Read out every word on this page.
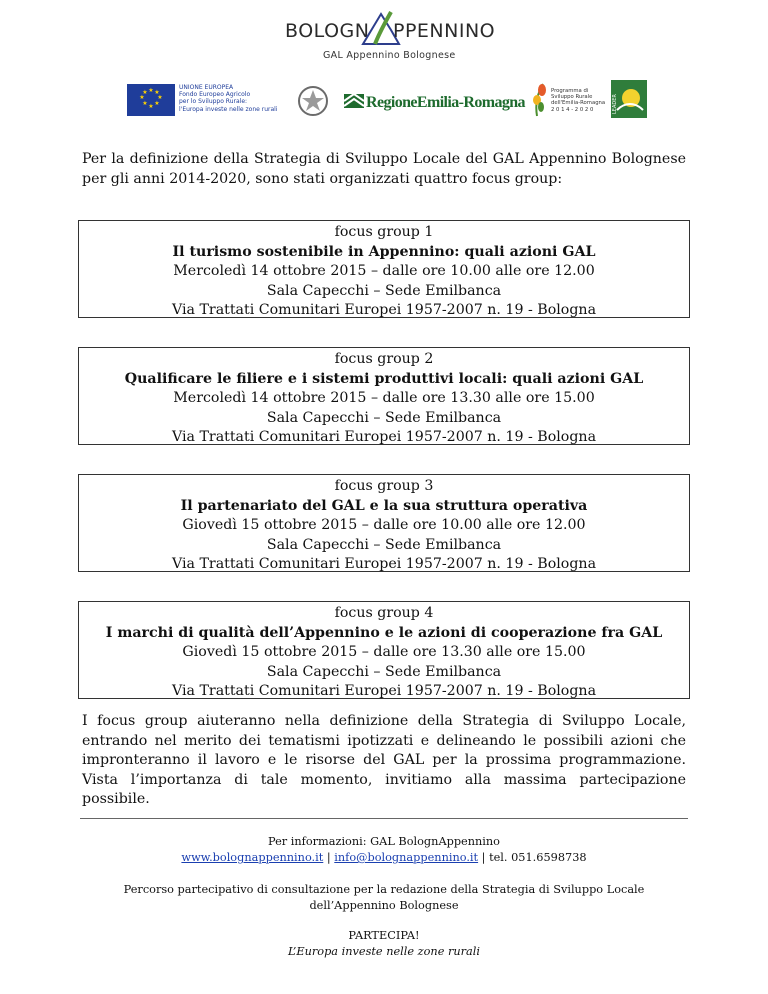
BOLOGN PPENNINO
GAL Appennino Bolognese
★ ★
★
★
★
★
★
★
UNIONE EUROPEA
Fondo Europeo Agricolo
per lo Sviluppo Rurale:
l'Europa investe nelle zone rurali	RegioneEmilia-Romagna
Programma di
Sviluppo Rurale
dell'Emilia-Romagna
2 0 1 4 - 2 0 2 0	LEADER

Per la definizione della Strategia di Sviluppo Locale del GAL Appennino Bolognese per gli anni 2014-2020, sono stati organizzati quattro focus group:

focus group 1
Il turismo sostenibile in Appennino: quali azioni GAL
Mercoledì 14 ottobre 2015 – dalle ore 10.00 alle ore 12.00
Sala Capecchi – Sede Emilbanca
Via Trattati Comunitari Europei 1957-2007 n. 19 - Bologna
focus group 2
Qualificare le filiere e i sistemi produttivi locali: quali azioni GAL
Mercoledì 14 ottobre 2015 – dalle ore 13.30 alle ore 15.00
Sala Capecchi – Sede Emilbanca
Via Trattati Comunitari Europei 1957-2007 n. 19 - Bologna
focus group 3
Il partenariato del GAL e la sua struttura operativa
Giovedì 15 ottobre 2015 – dalle ore 10.00 alle ore 12.00
Sala Capecchi – Sede Emilbanca
Via Trattati Comunitari Europei 1957-2007 n. 19 - Bologna
focus group 4
I marchi di qualità dell’Appennino e le azioni di cooperazione fra GAL
Giovedì 15 ottobre 2015 – dalle ore 13.30 alle ore 15.00
Sala Capecchi – Sede Emilbanca
Via Trattati Comunitari Europei 1957-2007 n. 19 - Bologna

I focus group aiuteranno nella definizione della Strategia di Sviluppo Locale, entrando nel merito dei tematismi ipotizzati e delineando le possibili azioni che impronteranno il lavoro e le risorse del GAL per la prossima programmazione. Vista l’importanza di tale momento, invitiamo alla massima partecipazione possibile.

Per informazioni: GAL BolognAppennino
www.bolognappennino.it | info@bolognappennino.it | tel. 051.6598738
Percorso partecipativo di consultazione per la redazione della Strategia di Sviluppo Locale
dell’Appennino Bolognese
PARTECIPA!
L’Europa investe nelle zone rurali
